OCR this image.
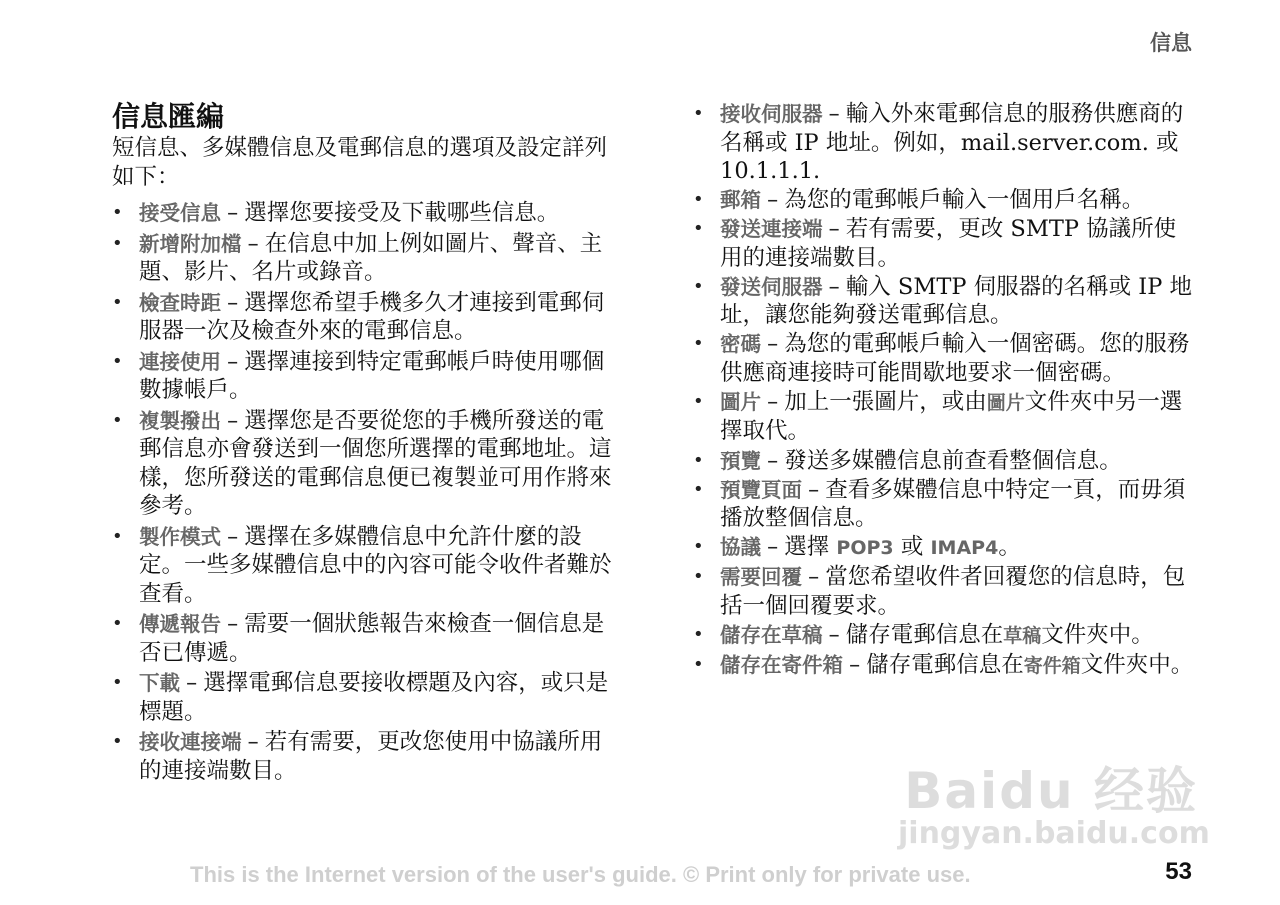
信息
信息匯編

短信息、多媒體信息及電郵信息的選項及設定詳列如下：

• 接受信息 – 選擇您要接受及下載哪些信息。
• 新增附加檔 – 在信息中加上例如圖片、聲音、主題、影片、名片或錄音。
• 檢查時距 – 選擇您希望手機多久才連接到電郵伺服器一次及檢查外來的電郵信息。
• 連接使用 – 選擇連接到特定電郵帳戶時使用哪個數據帳戶。
• 複製撥出 – 選擇您是否要從您的手機所發送的電郵信息亦會發送到一個您所選擇的電郵地址。這樣，您所發送的電郵信息便已複製並可用作將來參考。
• 製作模式 – 選擇在多媒體信息中允許什麼的設定。一些多媒體信息中的內容可能令收件者難於查看。
• 傳遞報告 – 需要一個狀態報告來檢查一個信息是否已傳遞。
• 下載 – 選擇電郵信息要接收標題及內容，或只是標題。
• 接收連接端 – 若有需要，更改您使用中協議所用的連接端數目。
• 接收伺服器 – 輸入外來電郵信息的服務供應商的名稱或 IP 地址。例如，mail.server.com. 或 10.1.1.1.
• 郵箱 – 為您的電郵帳戶輸入一個用戶名稱。
• 發送連接端 – 若有需要，更改 SMTP 協議所使用的連接端數目。
• 發送伺服器 – 輸入 SMTP 伺服器的名稱或 IP 地址，讓您能夠發送電郵信息。
• 密碼 – 為您的電郵帳戶輸入一個密碼。您的服務供應商連接時可能間歇地要求一個密碼。
• 圖片 – 加上一張圖片，或由圖片文件夾中另一選擇取代。
• 預覽 – 發送多媒體信息前查看整個信息。
• 預覽頁面 – 查看多媒體信息中特定一頁，而毋須播放整個信息。
• 協議 – 選擇 POP3 或 IMAP4。
• 需要回覆 – 當您希望收件者回覆您的信息時，包括一個回覆要求。
• 儲存在草稿 – 儲存電郵信息在草稿文件夾中。
• 儲存在寄件箱 – 儲存電郵信息在寄件箱文件夾中。
Baidu 经验
jingyan.baidu.com
This is the Internet version of the user's guide. © Print only for private use.	53
